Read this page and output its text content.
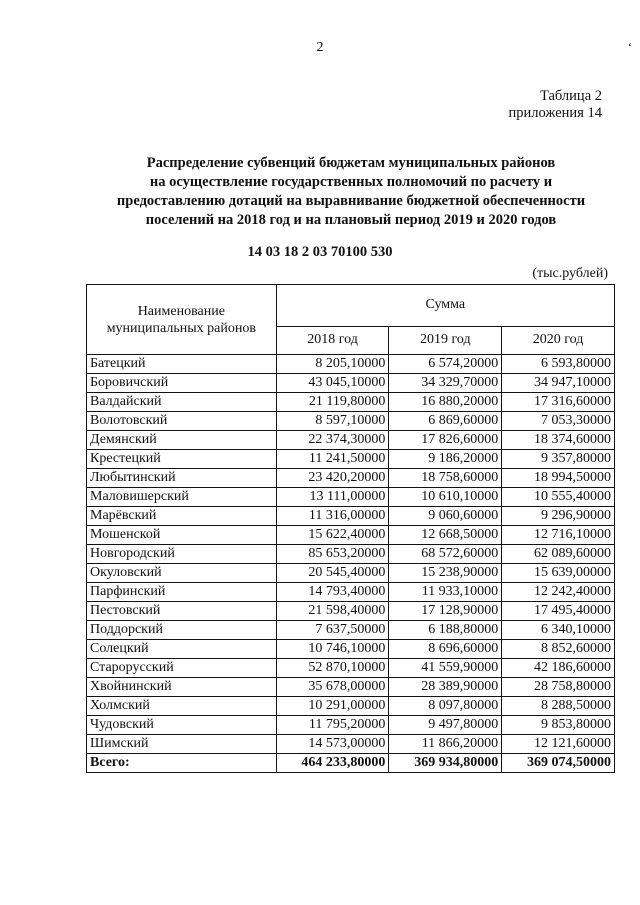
2	‘
Таблица 2
приложения 14
Распределение субвенций бюджетам муниципальных районов
на осуществление государственных полномочий по расчету и
предоставлению дотаций на выравнивание бюджетной обеспеченности
поселений на 2018 год и на плановый период 2019 и 2020 годов
14 03 18 2 03 70100 530
(тыс.рублей)
Наименование
муниципальных районов	Сумма		
	2018 год	2019 год	2020 год
Батецкий	8 205,10000	6 574,20000	6 593,80000
Боровичский	43 045,10000	34 329,70000	34 947,10000
Валдайский	21 119,80000	16 880,20000	17 316,60000
Волотовский	8 597,10000	6 869,60000	7 053,30000
Демянский	22 374,30000	17 826,60000	18 374,60000
Крестецкий	11 241,50000	9 186,20000	9 357,80000
Любытинский	23 420,20000	18 758,60000	18 994,50000
Маловишерский	13 111,00000	10 610,10000	10 555,40000
Марёвский	11 316,00000	9 060,60000	9 296,90000
Мошенской	15 622,40000	12 668,50000	12 716,10000
Новгородский	85 653,20000	68 572,60000	62 089,60000
Окуловский	20 545,40000	15 238,90000	15 639,00000
Парфинский	14 793,40000	11 933,10000	12 242,40000
Пестовский	21 598,40000	17 128,90000	17 495,40000
Поддорский	7 637,50000	6 188,80000	6 340,10000
Солецкий	10 746,10000	8 696,60000	8 852,60000
Старорусский	52 870,10000	41 559,90000	42 186,60000
Хвойнинский	35 678,00000	28 389,90000	28 758,80000
Холмский	10 291,00000	8 097,80000	8 288,50000
Чудовский	11 795,20000	9 497,80000	9 853,80000
Шимский	14 573,00000	11 866,20000	12 121,60000
Всего:	464 233,80000	369 934,80000	369 074,50000
